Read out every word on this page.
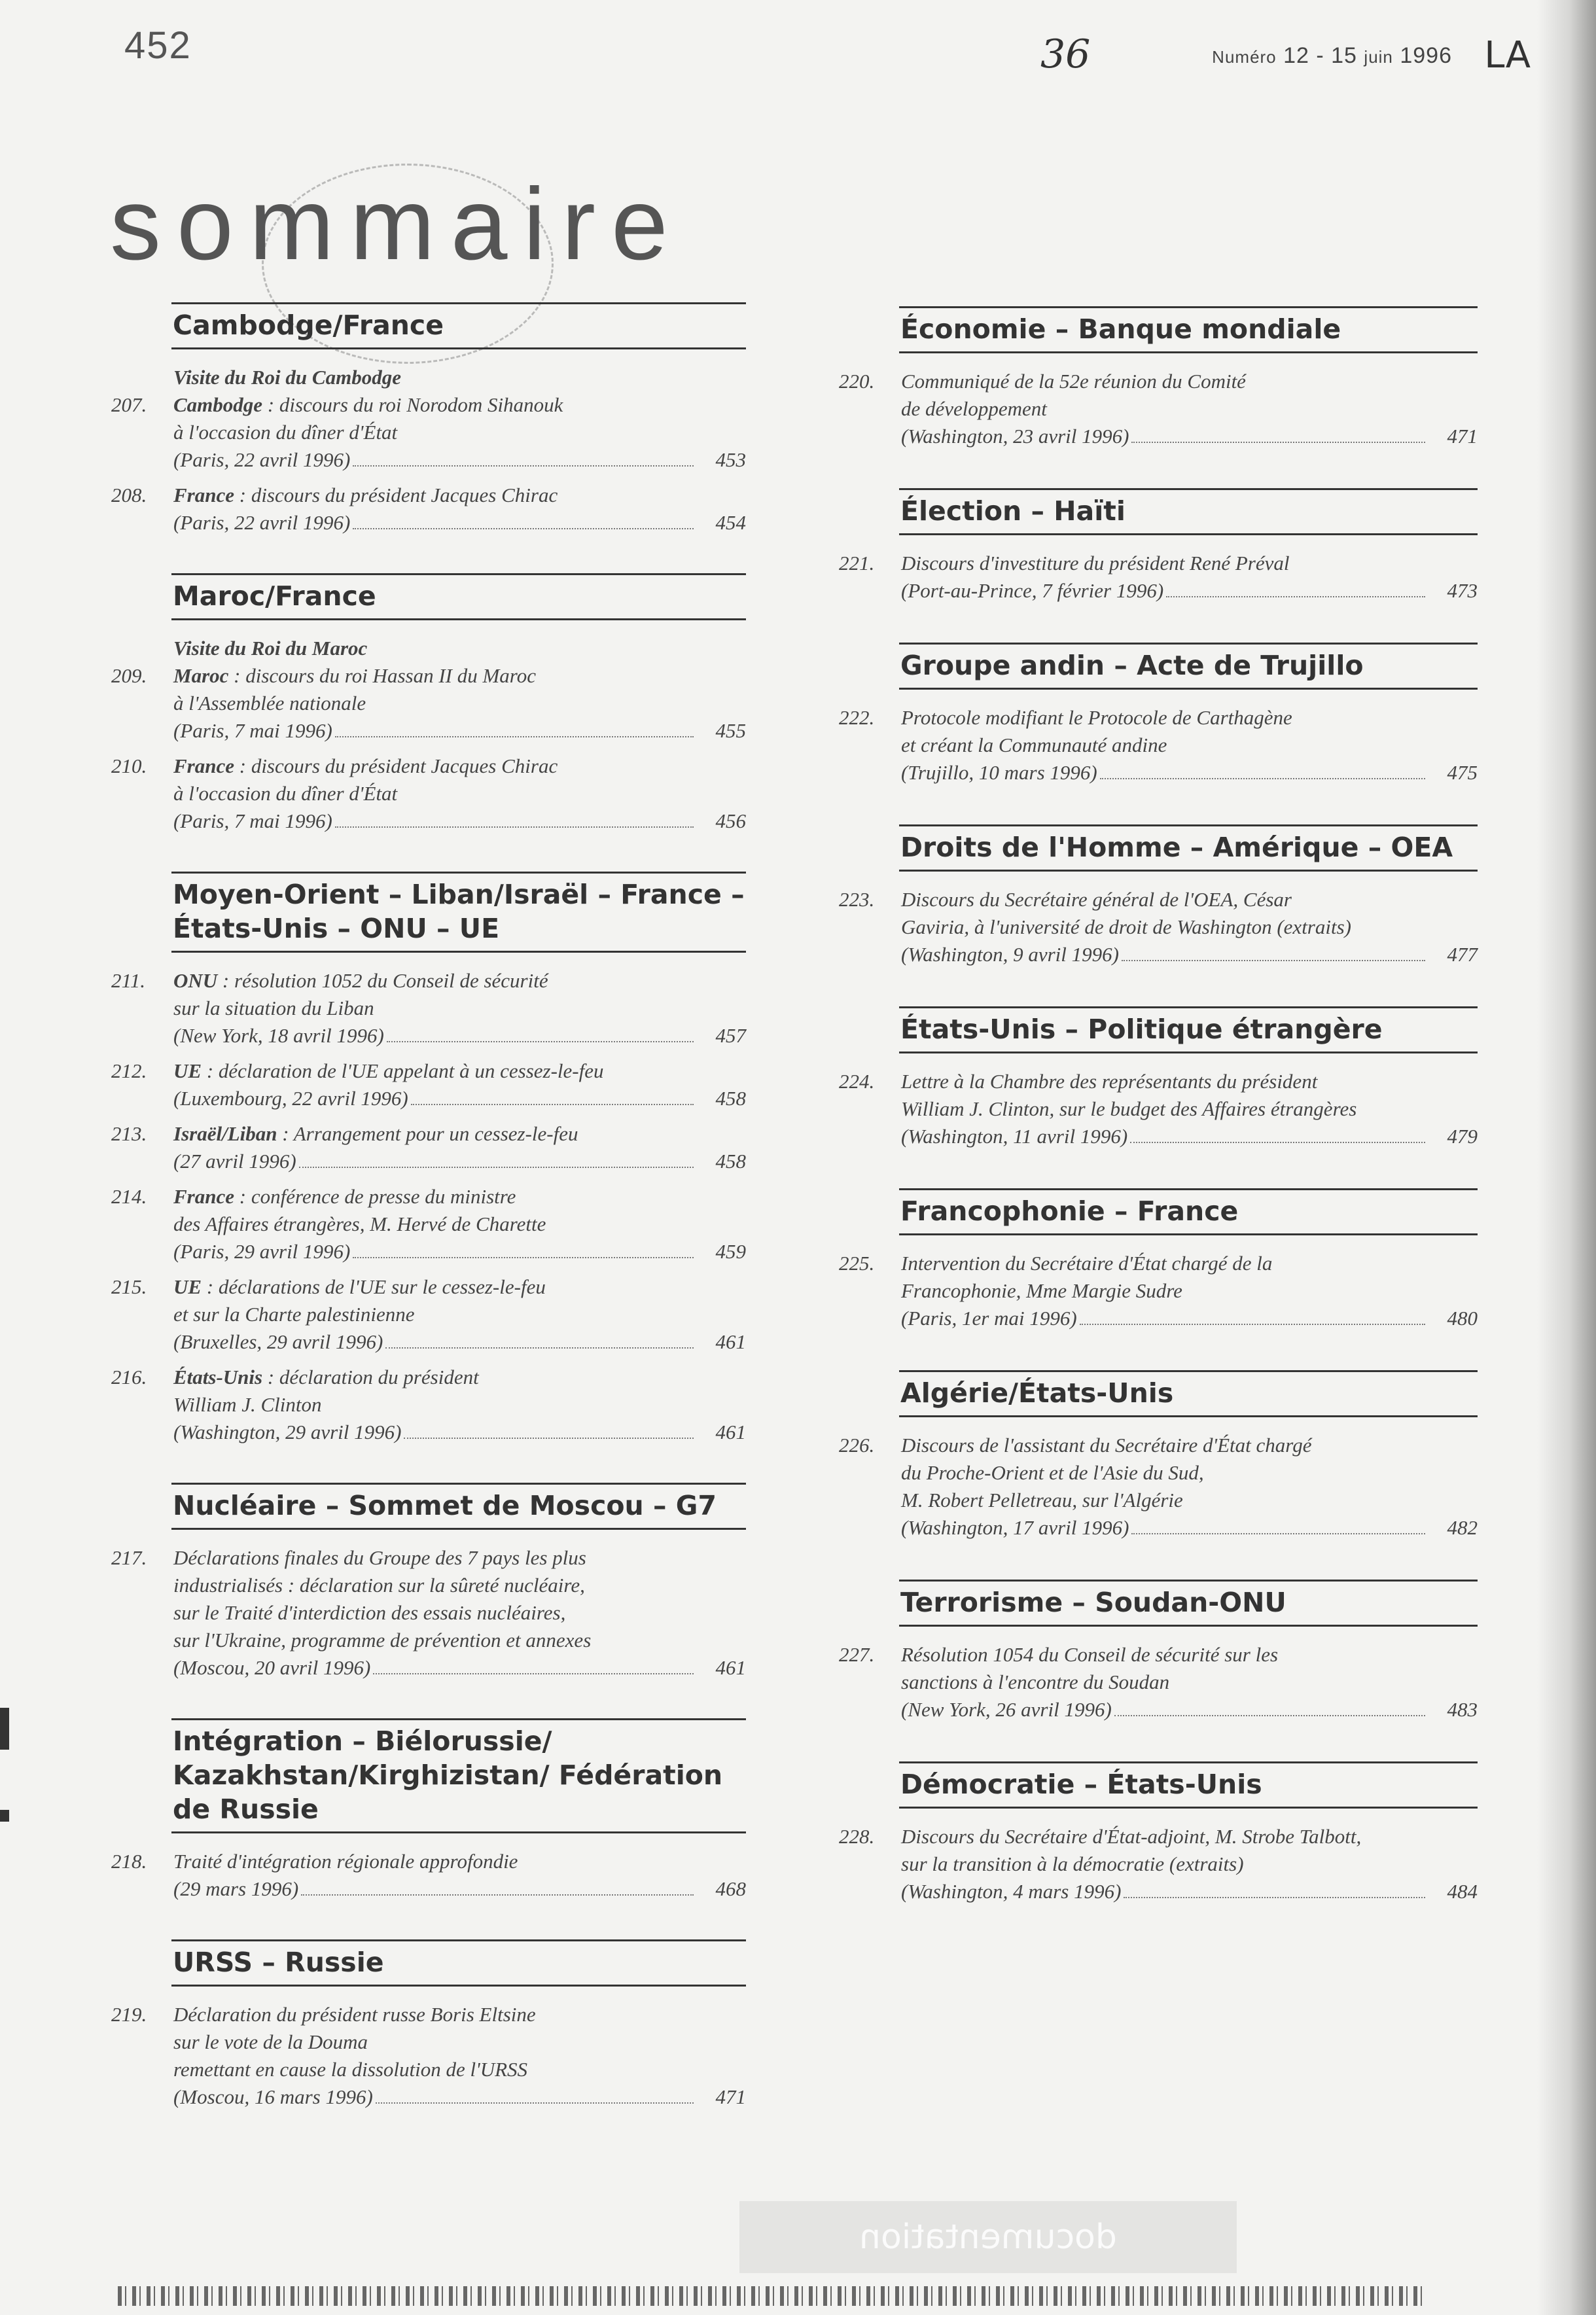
452	36	Numéro 12 - 15 juin 1996 LA
sommaire
Cambodge/France
Visite du Roi du Cambodge
207.	Cambodge : discours du roi Norodom Sihanouk
à l'occasion du dîner d'État
(Paris, 22 avril 1996)	453
208.	France : discours du président Jacques Chirac
(Paris, 22 avril 1996)	454
Maroc/France
Visite du Roi du Maroc
209.	Maroc : discours du roi Hassan II du Maroc
à l'Assemblée nationale
(Paris, 7 mai 1996)	455
210.	France : discours du président Jacques Chirac
à l'occasion du dîner d'État
(Paris, 7 mai 1996)	456
Moyen-Orient – Liban/Israël – France – États-Unis – ONU – UE
211.	ONU : résolution 1052 du Conseil de sécurité
sur la situation du Liban
(New York, 18 avril 1996)	457
212.	UE : déclaration de l'UE appelant à un cessez-le-feu
(Luxembourg, 22 avril 1996)	458
213.	Israël/Liban : Arrangement pour un cessez-le-feu
(27 avril 1996)	458
214.	France : conférence de presse du ministre
des Affaires étrangères, M. Hervé de Charette
(Paris, 29 avril 1996)	459
215.	UE : déclarations de l'UE sur le cessez-le-feu
et sur la Charte palestinienne
(Bruxelles, 29 avril 1996)	461
216.	États-Unis : déclaration du président
William J. Clinton
(Washington, 29 avril 1996)	461
Nucléaire – Sommet de Moscou – G7
217.	Déclarations finales du Groupe des 7 pays les plus
industrialisés : déclaration sur la sûreté nucléaire,
sur le Traité d'interdiction des essais nucléaires,
sur l'Ukraine, programme de prévention et annexes
(Moscou, 20 avril 1996)	461
Intégration – Biélorussie/ Kazakhstan/Kirghizistan/ Fédération de Russie
218.	Traité d'intégration régionale approfondie
(29 mars 1996)	468
URSS – Russie
219.	Déclaration du président russe Boris Eltsine
sur le vote de la Douma
remettant en cause la dissolution de l'URSS
(Moscou, 16 mars 1996)	471
Économie – Banque mondiale
220.	Communiqué de la 52e réunion du Comité
de développement
(Washington, 23 avril 1996)	471
Élection – Haïti
221.	Discours d'investiture du président René Préval
(Port-au-Prince, 7 février 1996)	473
Groupe andin – Acte de Trujillo
222.	Protocole modifiant le Protocole de Carthagène
et créant la Communauté andine
(Trujillo, 10 mars 1996)	475
Droits de l'Homme – Amérique – OEA
223.	Discours du Secrétaire général de l'OEA, César
Gaviria, à l'université de droit de Washington (extraits)
(Washington, 9 avril 1996)	477
États-Unis – Politique étrangère
224.	Lettre à la Chambre des représentants du président
William J. Clinton, sur le budget des Affaires étrangères
(Washington, 11 avril 1996)	479
Francophonie – France
225.	Intervention du Secrétaire d'État chargé de la
Francophonie, Mme Margie Sudre
(Paris, 1er mai 1996)	480
Algérie/États-Unis
226.	Discours de l'assistant du Secrétaire d'État chargé
du Proche-Orient et de l'Asie du Sud,
M. Robert Pelletreau, sur l'Algérie
(Washington, 17 avril 1996)	482
Terrorisme – Soudan-ONU
227.	Résolution 1054 du Conseil de sécurité sur les
sanctions à l'encontre du Soudan
(New York, 26 avril 1996)	483
Démocratie – États-Unis
228.	Discours du Secrétaire d'État-adjoint, M. Strobe Talbott,
sur la transition à la démocratie (extraits)
(Washington, 4 mars 1996)	484
documentation
